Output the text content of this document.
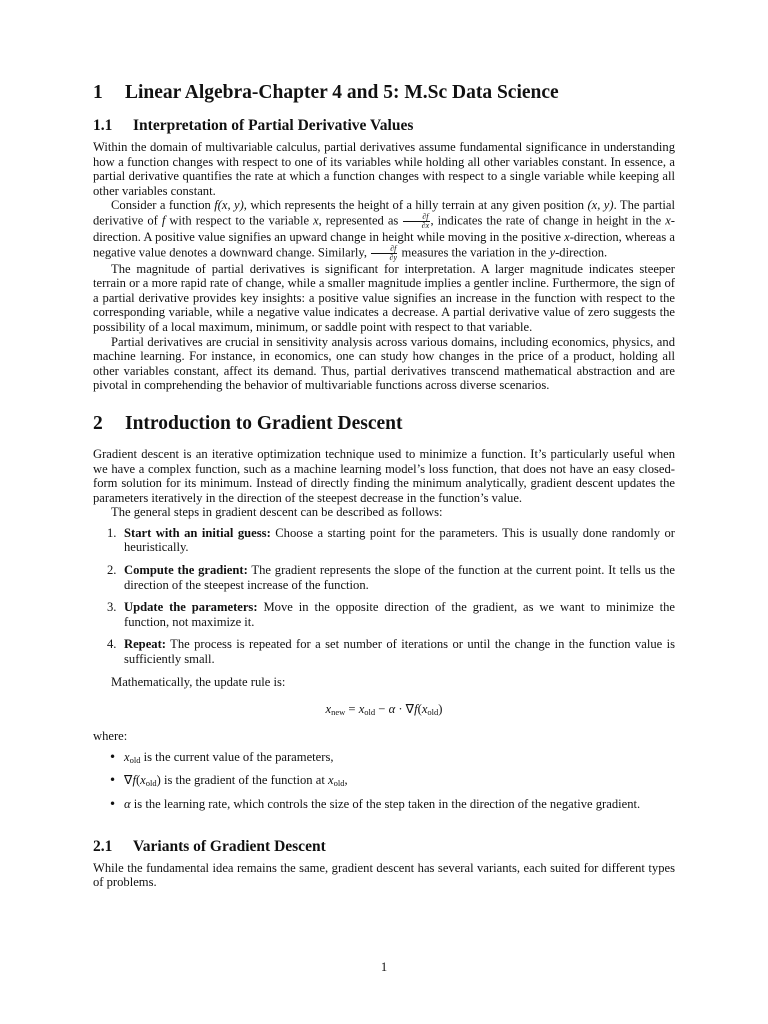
1 Linear Algebra-Chapter 4 and 5: M.Sc Data Science
1.1 Interpretation of Partial Derivative Values

Within the domain of multivariable calculus, partial derivatives assume fundamental significance in understanding how a function changes with respect to one of its variables while holding all other variables constant. In essence, a partial derivative quantifies the rate at which a function changes with respect to a single variable while keeping all other variables constant.

Consider a function f(x, y), which represents the height of a hilly terrain at any given position (x, y). The partial derivative of f with respect to the variable x, represented as $\frac{\partial f}{\partial x}$ , indicates the rate of change in height in the x-direction. A positive value signifies an upward change in height while moving in the positive x-direction, whereas a negative value denotes a downward change. Similarly, $\frac{\partial f}{\partial y}$ measures the variation in the y-direction.

The magnitude of partial derivatives is significant for interpretation. A larger magnitude indicates steeper terrain or a more rapid rate of change, while a smaller magnitude implies a gentler incline. Furthermore, the sign of a partial derivative provides key insights: a positive value signifies an increase in the function with respect to the corresponding variable, while a negative value indicates a decrease. A partial derivative value of zero suggests the possibility of a local maximum, minimum, or saddle point with respect to that variable.

Partial derivatives are crucial in sensitivity analysis across various domains, including economics, physics, and machine learning. For instance, in economics, one can study how changes in the price of a product, holding all other variables constant, affect its demand. Thus, partial derivatives transcend mathematical abstraction and are pivotal in comprehending the behavior of multivariable functions across diverse scenarios.

2 Introduction to Gradient Descent

Gradient descent is an iterative optimization technique used to minimize a function. It’s particularly useful when we have a complex function, such as a machine learning model’s loss function, that does not have an easy closed-form solution for its minimum. Instead of directly finding the minimum analytically, gradient descent updates the parameters iteratively in the direction of the steepest decrease in the function’s value.

The general steps in gradient descent can be described as follows:

1. Start with an initial guess: Choose a starting point for the parameters. This is usually done randomly or heuristically.

2. Compute the gradient: The gradient represents the slope of the function at the current point. It tells us the direction of the steepest increase of the function.

3. Update the parameters: Move in the opposite direction of the gradient, as we want to minimize the function, not maximize it.

4. Repeat: The process is repeated for a set number of iterations or until the change in the function value is sufficiently small.

Mathematically, the update rule is:

$x_{new} = x_{old} - \alpha \cdot \nabla f(x_{old})$

where:

• $x_{old}$ is the current value of the parameters,

• $\nabla f(x_{old})$ is the gradient of the function at $x_{old}$,

• α is the learning rate, which controls the size of the step taken in the direction of the negative gradient.

2.1 Variants of Gradient Descent

While the fundamental idea remains the same, gradient descent has several variants, each suited for different types of problems.

1
